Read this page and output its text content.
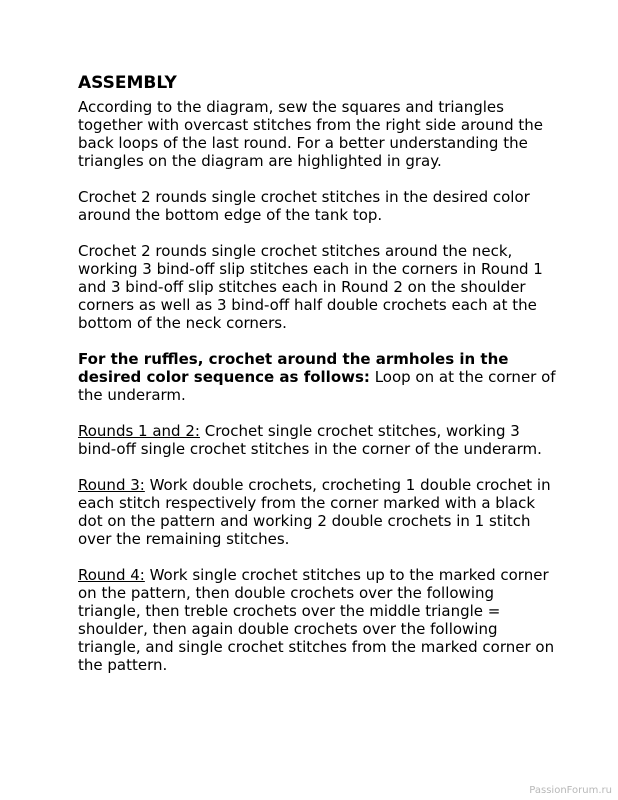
ASSEMBLY

According to the diagram, sew the squares and triangles together with overcast stitches from the right side around the back loops of the last round. For a better understanding the triangles on the diagram are highlighted in gray.

Crochet 2 rounds single crochet stitches in the desired color around the bottom edge of the tank top.

Crochet 2 rounds single crochet stitches around the neck, working 3 bind-off slip stitches each in the corners in Round 1 and 3 bind-off slip stitches each in Round 2 on the shoulder corners as well as 3 bind-off half double crochets each at the bottom of the neck corners.

For the ruffles, crochet around the armholes in the desired color sequence as follows: Loop on at the corner of the underarm.

Rounds 1 and 2: Crochet single crochet stitches, working 3 bind-off single crochet stitches in the corner of the underarm.

Round 3: Work double crochets, crocheting 1 double crochet in each stitch respectively from the corner marked with a black dot on the pattern and working 2 double crochets in 1 stitch over the remaining stitches.

Round 4: Work single crochet stitches up to the marked corner on the pattern, then double crochets over the following triangle, then treble crochets over the middle triangle = shoulder, then again double crochets over the following triangle, and single crochet stitches from the marked corner on the pattern.

PassionForum.ru
